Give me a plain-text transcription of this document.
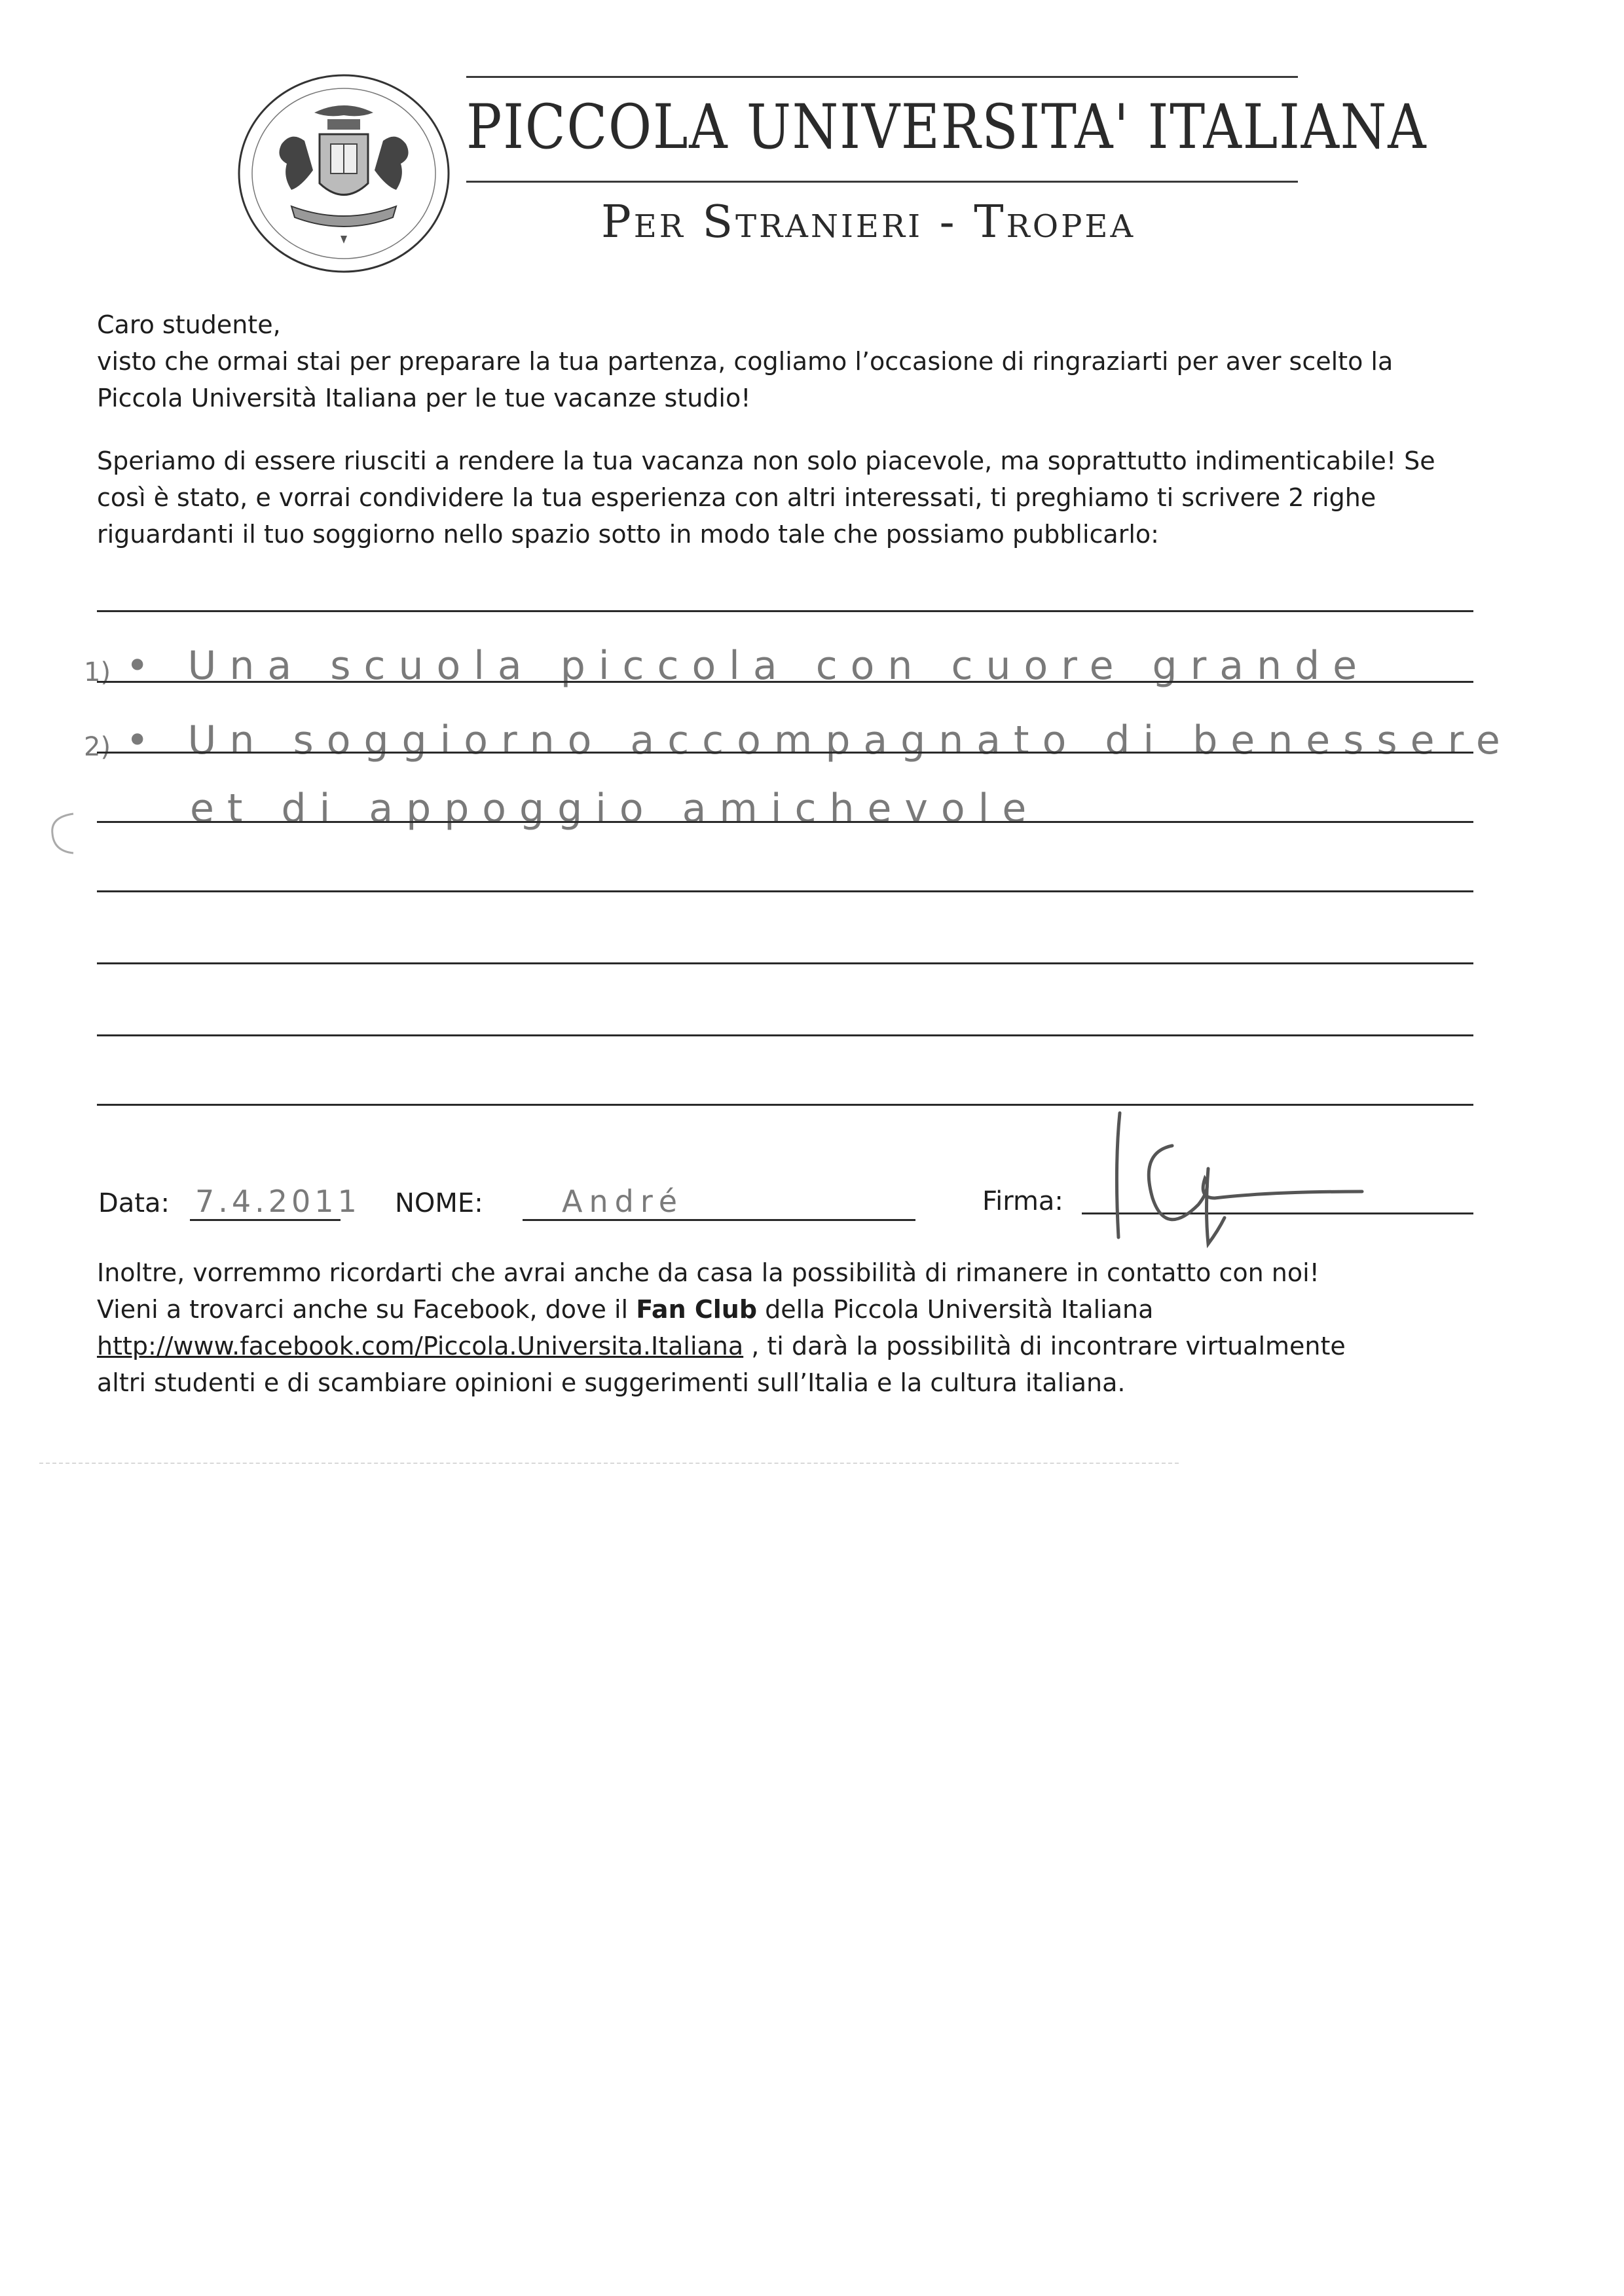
PICCOLA UNIVERSITA' ITALIANA
Per Stranieri - Tropea
Caro studente,
visto che ormai stai per preparare la tua partenza, cogliamo l’occasione di ringraziarti per aver scelto la
Piccola Università Italiana per le tue vacanze studio!
Speriamo di essere riusciti a rendere la tua vacanza non solo piacevole, ma soprattutto indimenticabile! Se
così è stato, e vorrai condividere la tua esperienza con altri interessati, ti preghiamo ti scrivere 2 righe
riguardanti il tuo soggiorno nello spazio sotto in modo tale che possiamo pubblicarlo:
1) • Una scuola piccola con cuore grande
2) • Un soggiorno accompagnato di benessere
et di appoggio amichevole
Data: 7.4.2011 NOME:	André	Firma:
Inoltre, vorremmo ricordarti che avrai anche da casa la possibilità di rimanere in contatto con noi!
Vieni a trovarci anche su Facebook, dove il Fan Club della Piccola Università Italiana
http://www.facebook.com/Piccola.Universita.Italiana , ti darà la possibilità di incontrare virtualmente
altri studenti e di scambiare opinioni e suggerimenti sull’Italia e la cultura italiana.
